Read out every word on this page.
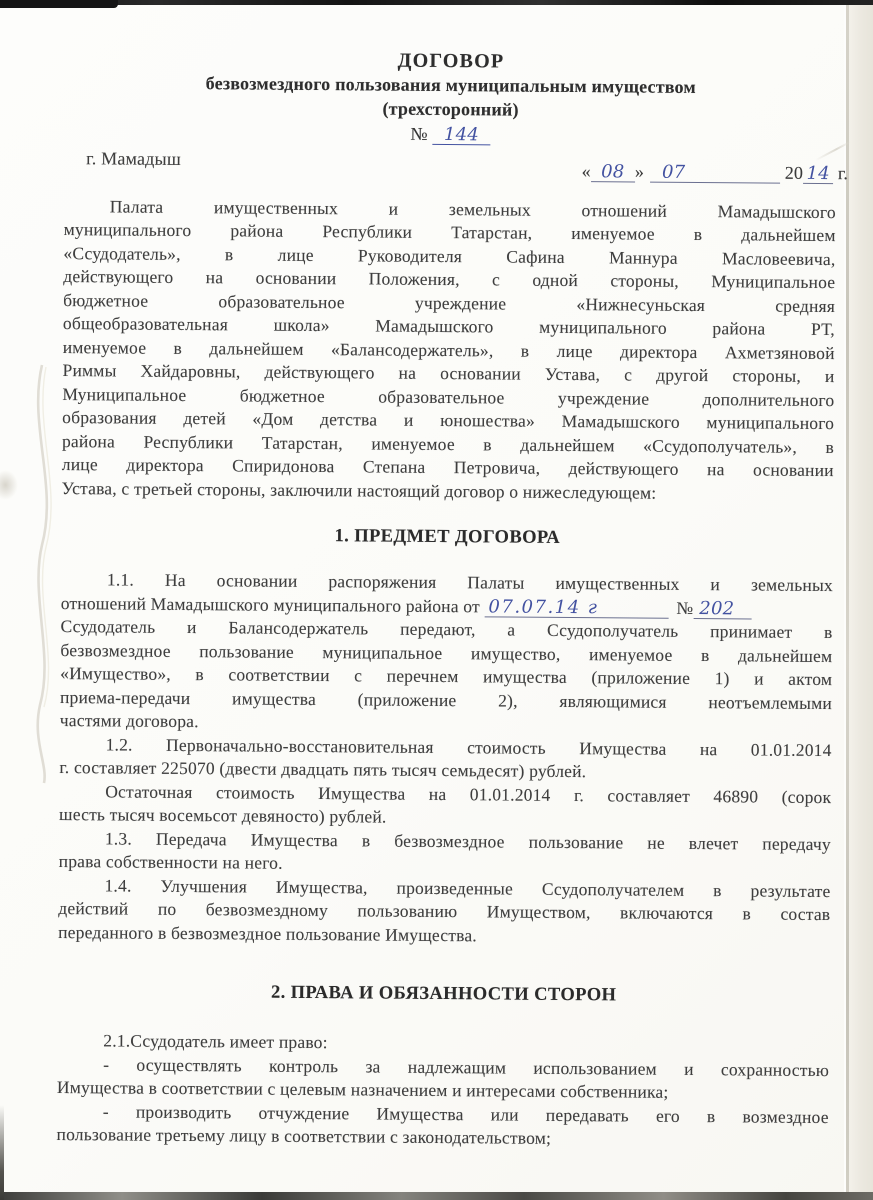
ДОГОВОР
безвозмездного пользования муниципальным имуществом
(трехсторонний)
№ 144
г. Мамадыш
« 08 » 07	20 14 г.
Палата имущественных и земельных отношений Мамадышского
муниципального района Республики Татарстан, именуемое в дальнейшем
«Ссудодатель», в лице Руководителя Сафина Маннура Масловеевича,
действующего на основании Положения, с одной стороны, Муниципальное
бюджетное образовательное учреждение «Нижнесуньская средняя
общеобразовательная школа» Мамадышского муниципального района РТ,
именуемое в дальнейшем «Балансодержатель», в лице директора Ахметзяновой
Риммы Хайдаровны, действующего на основании Устава, с другой стороны, и
Муниципальное бюджетное образовательное учреждение дополнительного
образования детей «Дом детства и юношества» Мамадышского муниципального
района Республики Татарстан, именуемое в дальнейшем «Ссудополучатель», в
лице директора Спиридонова Степана Петровича, действующего на основании
Устава, с третьей стороны, заключили настоящий договор о нижеследующем:
1. ПРЕДМЕТ ДОГОВОРА
1.1. На основании распоряжения Палаты имущественных и земельных
отношений Мамадышского муниципального района от 07.07.14 г	№ 202
Ссудодатель и Балансодержатель передают, а Ссудополучатель принимает в
безвозмездное пользование муниципальное имущество, именуемое в дальнейшем
«Имущество», в соответствии с перечнем имущества (приложение 1) и актом
приема-передачи имущества (приложение 2), являющимися неотъемлемыми
частями договора.
1.2. Первоначально-восстановительная стоимость Имущества на 01.01.2014
г. составляет 225070 (двести двадцать пять тысяч семьдесят) рублей.
Остаточная стоимость Имущества на 01.01.2014 г. составляет 46890 (сорок
шесть тысяч восемьсот девяносто) рублей.
1.3. Передача Имущества в безвозмездное пользование не влечет передачу
права собственности на него.
1.4. Улучшения Имущества, произведенные Ссудополучателем в результате
действий по безвозмездному пользованию Имуществом, включаются в состав
переданного в безвозмездное пользование Имущества.
2. ПРАВА И ОБЯЗАННОСТИ СТОРОН
2.1.Ссудодатель имеет право:
- осуществлять контроль за надлежащим использованием и сохранностью
Имущества в соответствии с целевым назначением и интересами собственника;
- производить отчуждение Имущества или передавать его в возмездное
пользование третьему лицу в соответствии с законодательством;
